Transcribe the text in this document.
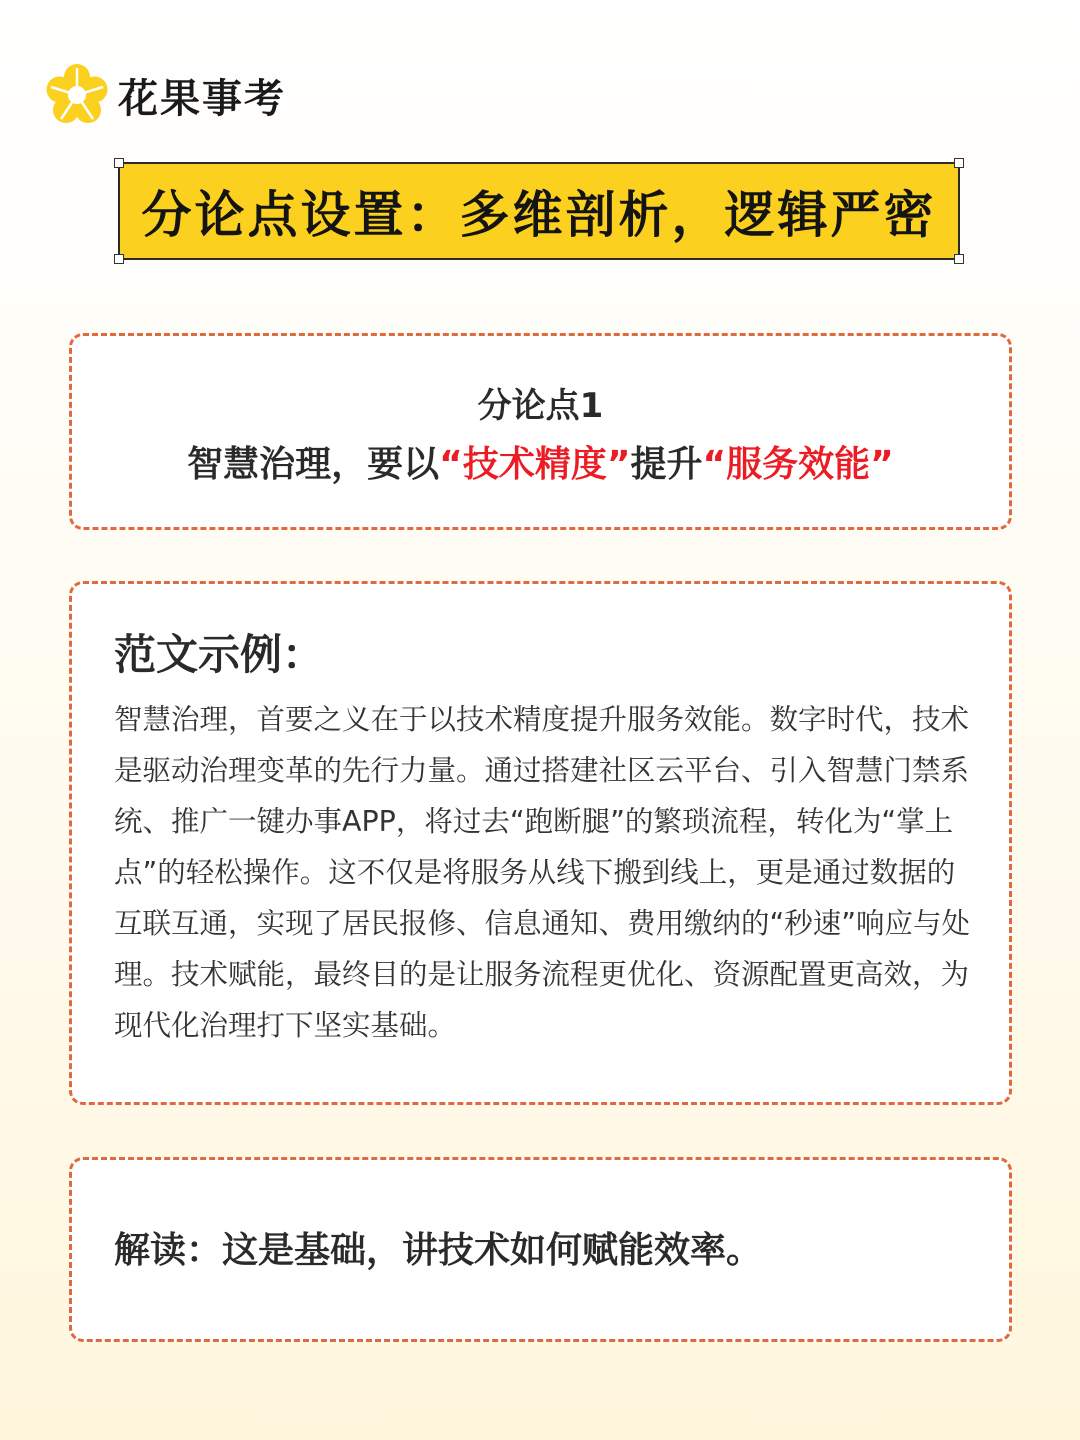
花果事考
分论点设置：多维剖析，逻辑严密
分论点1
智慧治理，要以“技术精度”提升“服务效能”
范文示例：

智慧治理，首要之义在于以技术精度提升服务效能。数字时代，技术是驱动治理变革的先行力量。通过搭建社区云平台、引入智慧门禁系统、推广一键办事APP，将过去“跑断腿”的繁琐流程，转化为“掌上点”的轻松操作。这不仅是将服务从线下搬到线上，更是通过数据的互联互通，实现了居民报修、信息通知、费用缴纳的“秒速”响应与处理。技术赋能，最终目的是让服务流程更优化、资源配置更高效，为现代化治理打下坚实基础。

解读：这是基础，讲技术如何赋能效率。
